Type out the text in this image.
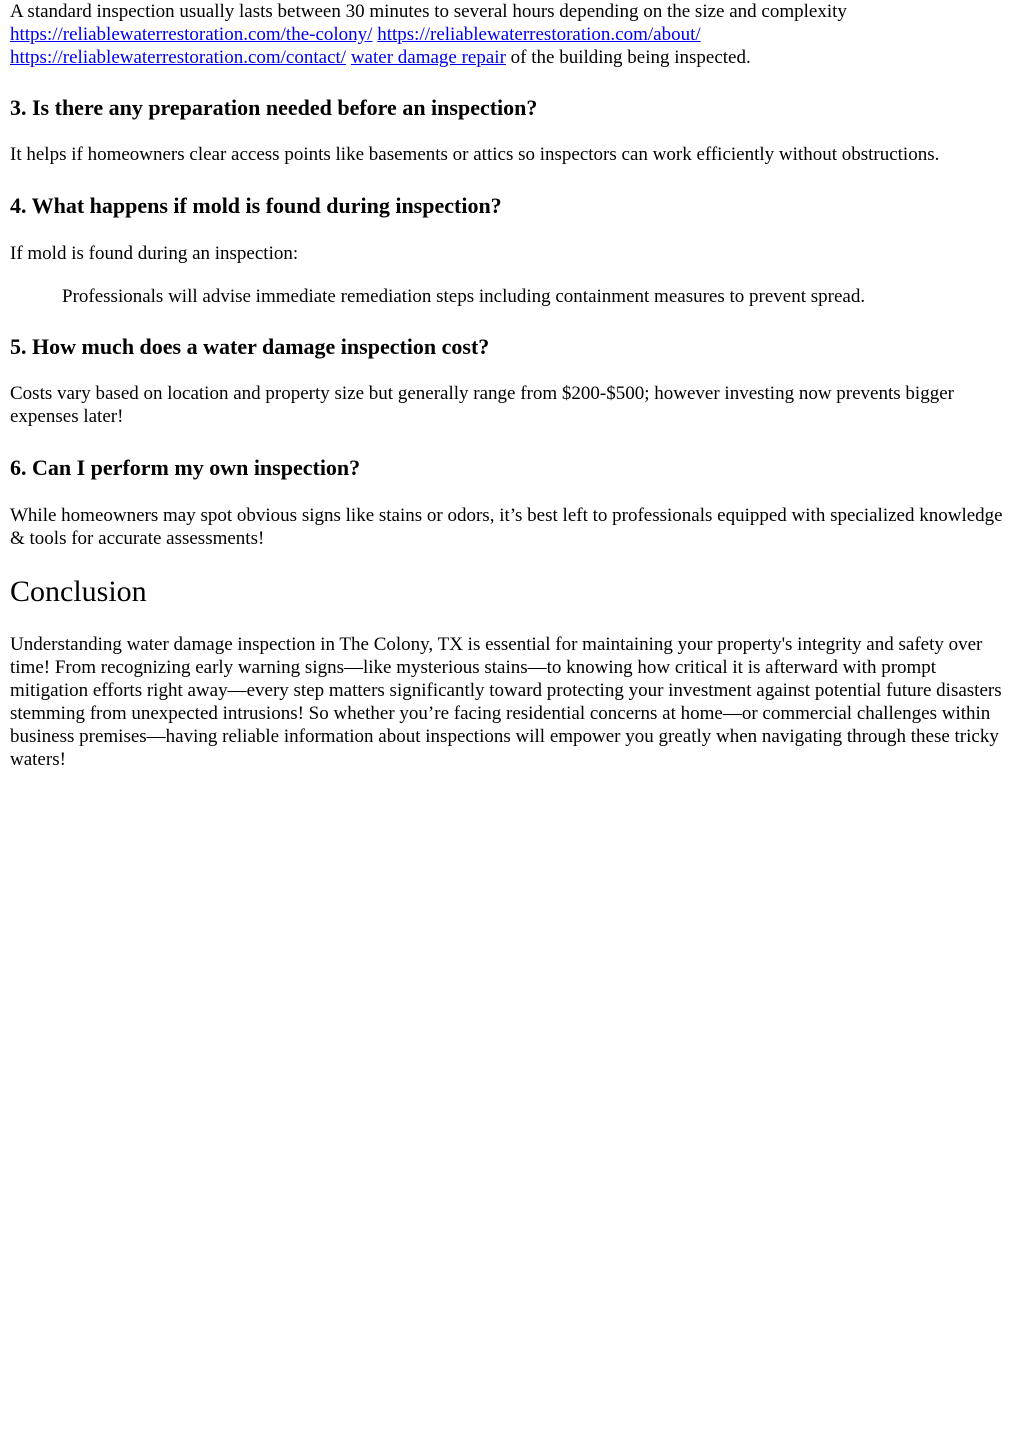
A standard inspection usually lasts between 30 minutes to several hours depending on the size and complexity https://reliablewaterrestoration.com/the-colony/ https://reliablewaterrestoration.com/about/ https://reliablewaterrestoration.com/contact/ water damage repair of the building being inspected.

3. Is there any preparation needed before an inspection?

It helps if homeowners clear access points like basements or attics so inspectors can work efficiently without obstructions.

4. What happens if mold is found during inspection?

If mold is found during an inspection:

Professionals will advise immediate remediation steps including containment measures to prevent spread.
5. How much does a water damage inspection cost?

Costs vary based on location and property size but generally range from $200-$500; however investing now prevents bigger expenses later!

6. Can I perform my own inspection?

While homeowners may spot obvious signs like stains or odors, it’s best left to professionals equipped with specialized knowledge & tools for accurate assessments!

Conclusion

Understanding water damage inspection in The Colony, TX is essential for maintaining your property's integrity and safety over time! From recognizing early warning signs—like mysterious stains—to knowing how critical it is afterward with prompt mitigation efforts right away—every step matters significantly toward protecting your investment against potential future disasters stemming from unexpected intrusions! So whether you’re facing residential concerns at home—or commercial challenges within business premises—having reliable information about inspections will empower you greatly when navigating through these tricky waters!
